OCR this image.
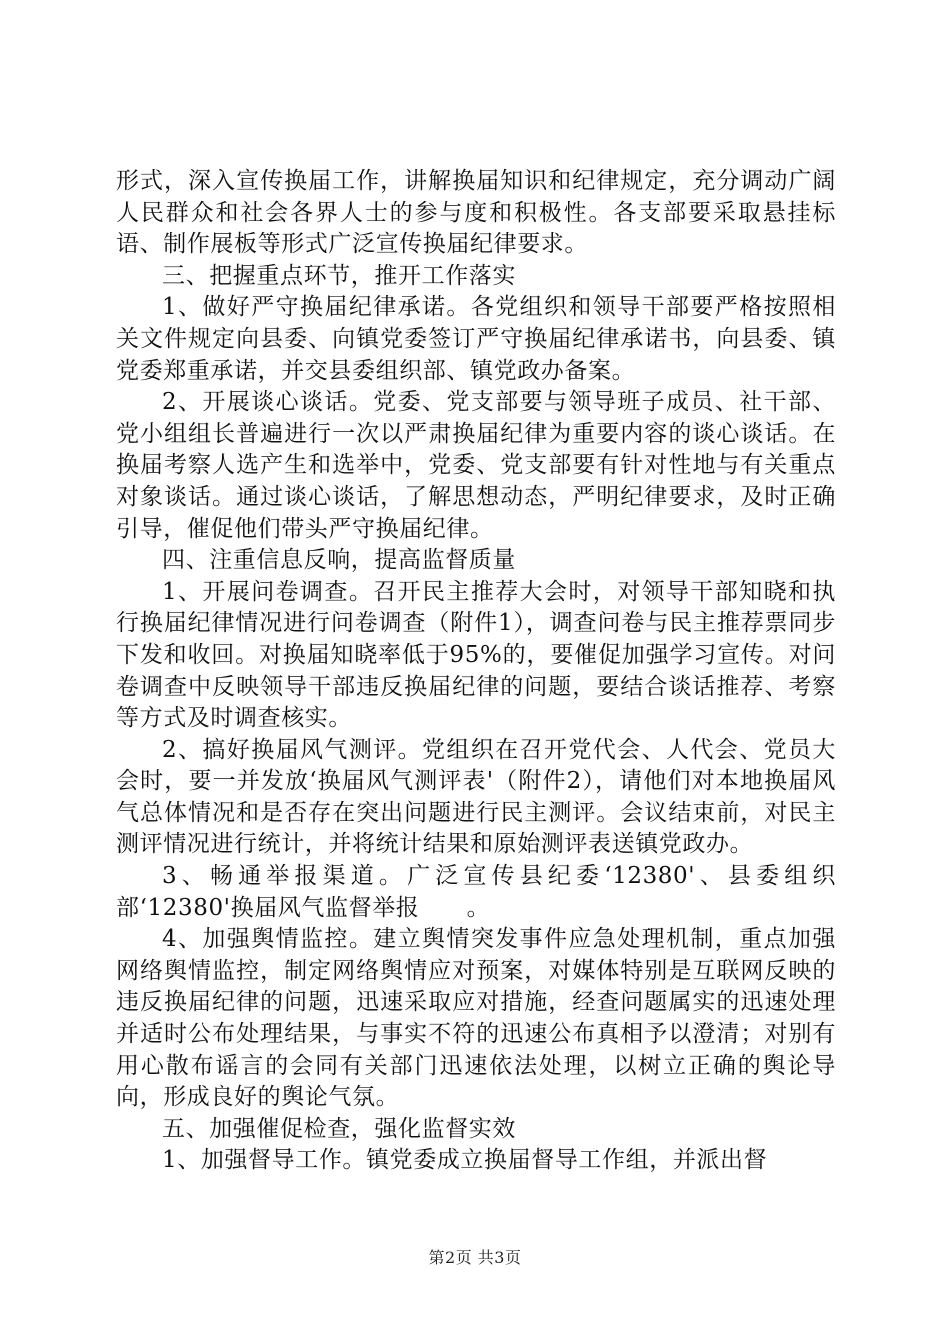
形式，深入宣传换届工作，讲解换届知识和纪律规定，充分调动广阔人民群众和社会各界人士的参与度和积极性。各支部要采取悬挂标语、制作展板等形式广泛宣传换届纪律要求。

三、把握重点环节，推开工作落实

1、做好严守换届纪律承诺。各党组织和领导干部要严格按照相关文件规定向县委、向镇党委签订严守换届纪律承诺书，向县委、镇党委郑重承诺，并交县委组织部、镇党政办备案。

2、开展谈心谈话。党委、党支部要与领导班子成员、社干部、党小组组长普遍进行一次以严肃换届纪律为重要内容的谈心谈话。在换届考察人选产生和选举中，党委、党支部要有针对性地与有关重点对象谈话。通过谈心谈话，了解思想动态，严明纪律要求，及时正确引导，催促他们带头严守换届纪律。

四、注重信息反响，提高监督质量

1、开展问卷调查。召开民主推荐大会时，对领导干部知晓和执行换届纪律情况进行问卷调查（附件1），调查问卷与民主推荐票同步下发和收回。对换届知晓率低于95%的，要催促加强学习宣传。对问卷调查中反映领导干部违反换届纪律的问题，要结合谈话推荐、考察等方式及时调查核实。

2、搞好换届风气测评。党组织在召开党代会、人代会、党员大会时，要一并发放‘换届风气测评表'（附件2），请他们对本地换届风气总体情况和是否存在突出问题进行民主测评。会议结束前，对民主测评情况进行统计，并将统计结果和原始测评表送镇党政办。

3、畅通举报渠道。广泛宣传县纪委‘12380'、县委组织部‘12380'换届风气监督举报　　。

4、加强舆情监控。建立舆情突发事件应急处理机制，重点加强网络舆情监控，制定网络舆情应对预案，对媒体特别是互联网反映的违反换届纪律的问题，迅速采取应对措施，经查问题属实的迅速处理并适时公布处理结果，与事实不符的迅速公布真相予以澄清；对别有用心散布谣言的会同有关部门迅速依法处理，以树立正确的舆论导向，形成良好的舆论气氛。

五、加强催促检查，强化监督实效

1、加强督导工作。镇党委成立换届督导工作组，并派出督

第2页 共3页
